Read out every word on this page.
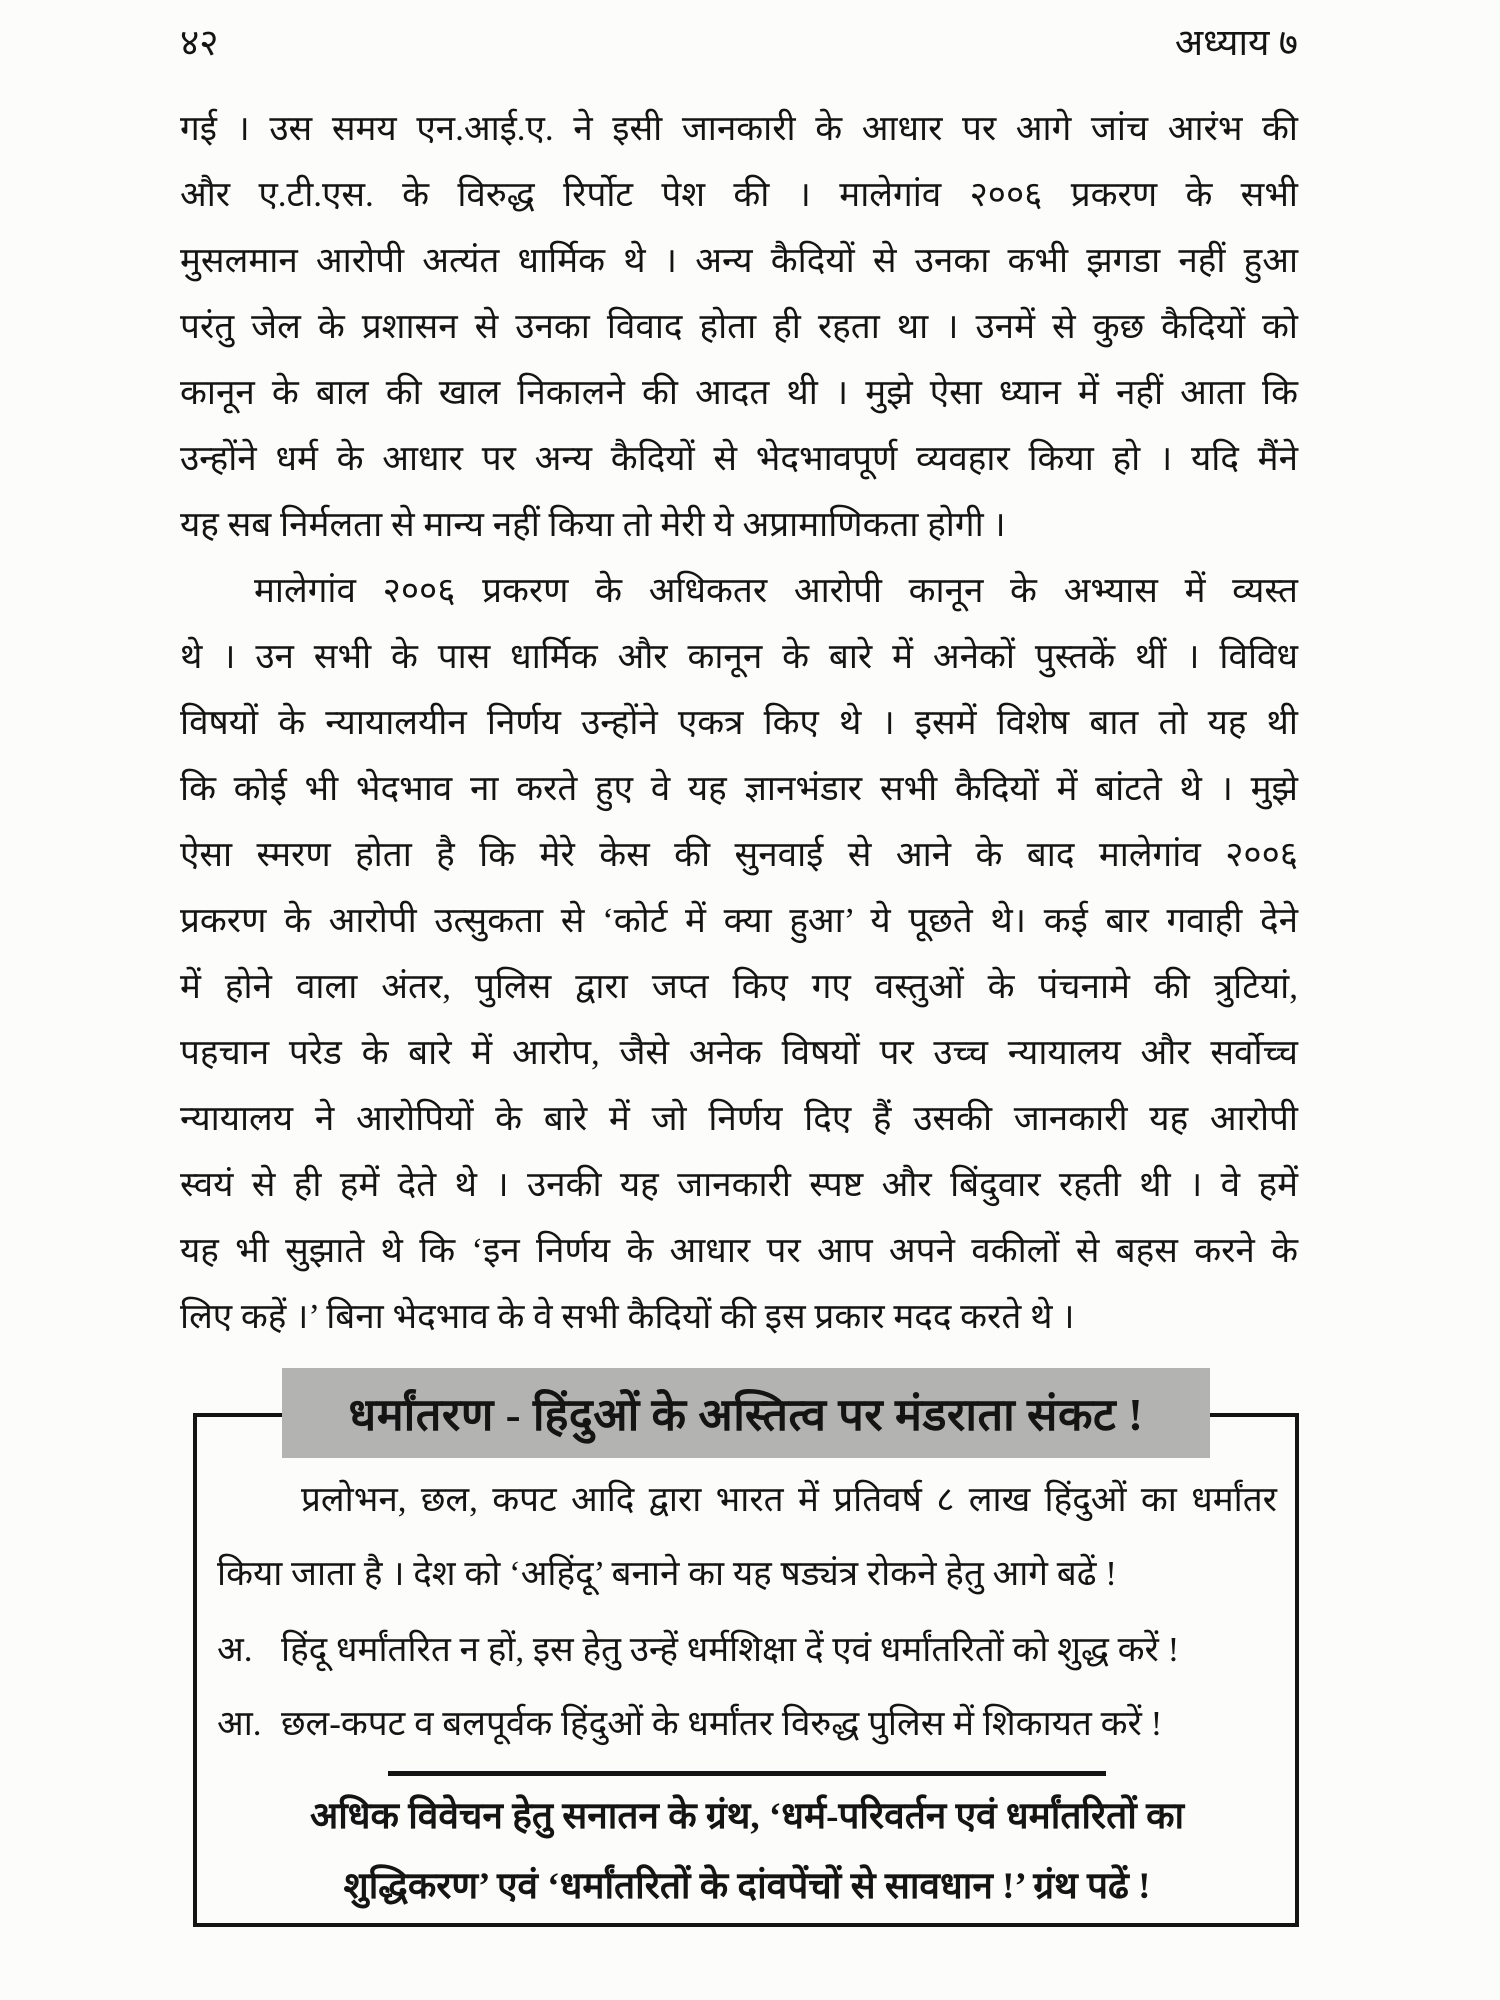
४२	अध्याय ७
गई । उस समय एन.आई.ए. ने इसी जानकारी के आधार पर आगे जांच आरंभ की
और ए.टी.एस. के विरुद्ध रिर्पोट पेश की । मालेगांव २००६ प्रकरण के सभी
मुसलमान आरोपी अत्यंत धार्मिक थे । अन्य कैदियों से उनका कभी झगडा नहीं हुआ
परंतु जेल के प्रशासन से उनका विवाद होता ही रहता था । उनमें से कुछ कैदियों को
कानून के बाल की खाल निकालने की आदत थी । मुझे ऐसा ध्यान में नहीं आता कि
उन्होंने धर्म के आधार पर अन्य कैदियों से भेदभावपूर्ण व्यवहार किया हो । यदि मैंने
यह सब निर्मलता से मान्य नहीं किया तो मेरी ये अप्रामाणिकता होगी ।
मालेगांव २००६ प्रकरण के अधिकतर आरोपी कानून के अभ्यास में व्यस्त
थे । उन सभी के पास धार्मिक और कानून के बारे में अनेकों पुस्तकें थीं । विविध
विषयों के न्यायालयीन निर्णय उन्होंने एकत्र किए थे । इसमें विशेष बात तो यह थी
कि कोई भी भेदभाव ना करते हुए वे यह ज्ञानभंडार सभी कैदियों में बांटते थे । मुझे
ऐसा स्मरण होता है कि मेरे केस की सुनवाई से आने के बाद मालेगांव २००६
प्रकरण के आरोपी उत्सुकता से ‘कोर्ट में क्या हुआ’ ये पूछते थे। कई बार गवाही देने
में होने वाला अंतर, पुलिस द्वारा जप्त किए गए वस्तुओं के पंचनामे की त्रुटियां,
पहचान परेड के बारे में आरोप, जैसे अनेक विषयों पर उच्च न्यायालय और सर्वोच्च
न्यायालय ने आरोपियों के बारे में जो निर्णय दिए हैं उसकी जानकारी यह आरोपी
स्वयं से ही हमें देते थे । उनकी यह जानकारी स्पष्ट और बिंदुवार रहती थी । वे हमें
यह भी सुझाते थे कि ‘इन निर्णय के आधार पर आप अपने वकीलों से बहस करने के
लिए कहें ।’ बिना भेदभाव के वे सभी कैदियों की इस प्रकार मदद करते थे ।
धर्मांतरण - हिंदुओं के अस्तित्व पर मंडराता संकट !
प्रलोभन, छल, कपट आदि द्वारा भारत में प्रतिवर्ष ८ लाख हिंदुओं का धर्मांतर
किया जाता है । देश को ‘अहिंदू’ बनाने का यह षड्यंत्र रोकने हेतु आगे बढें !
अ. हिंदू धर्मांतरित न हों, इस हेतु उन्हें धर्मशिक्षा दें एवं धर्मांतरितों को शुद्ध करें !
आ. छल-कपट व बलपूर्वक हिंदुओं के धर्मांतर विरुद्ध पुलिस में शिकायत करें !
अधिक विवेचन हेतु सनातन के ग्रंथ, ‘धर्म-परिवर्तन एवं धर्मांतरितों का
शुद्धिकरण’ एवं ‘धर्मांतरितों के दांवपेंचों से सावधान !’ ग्रंथ पढें !
